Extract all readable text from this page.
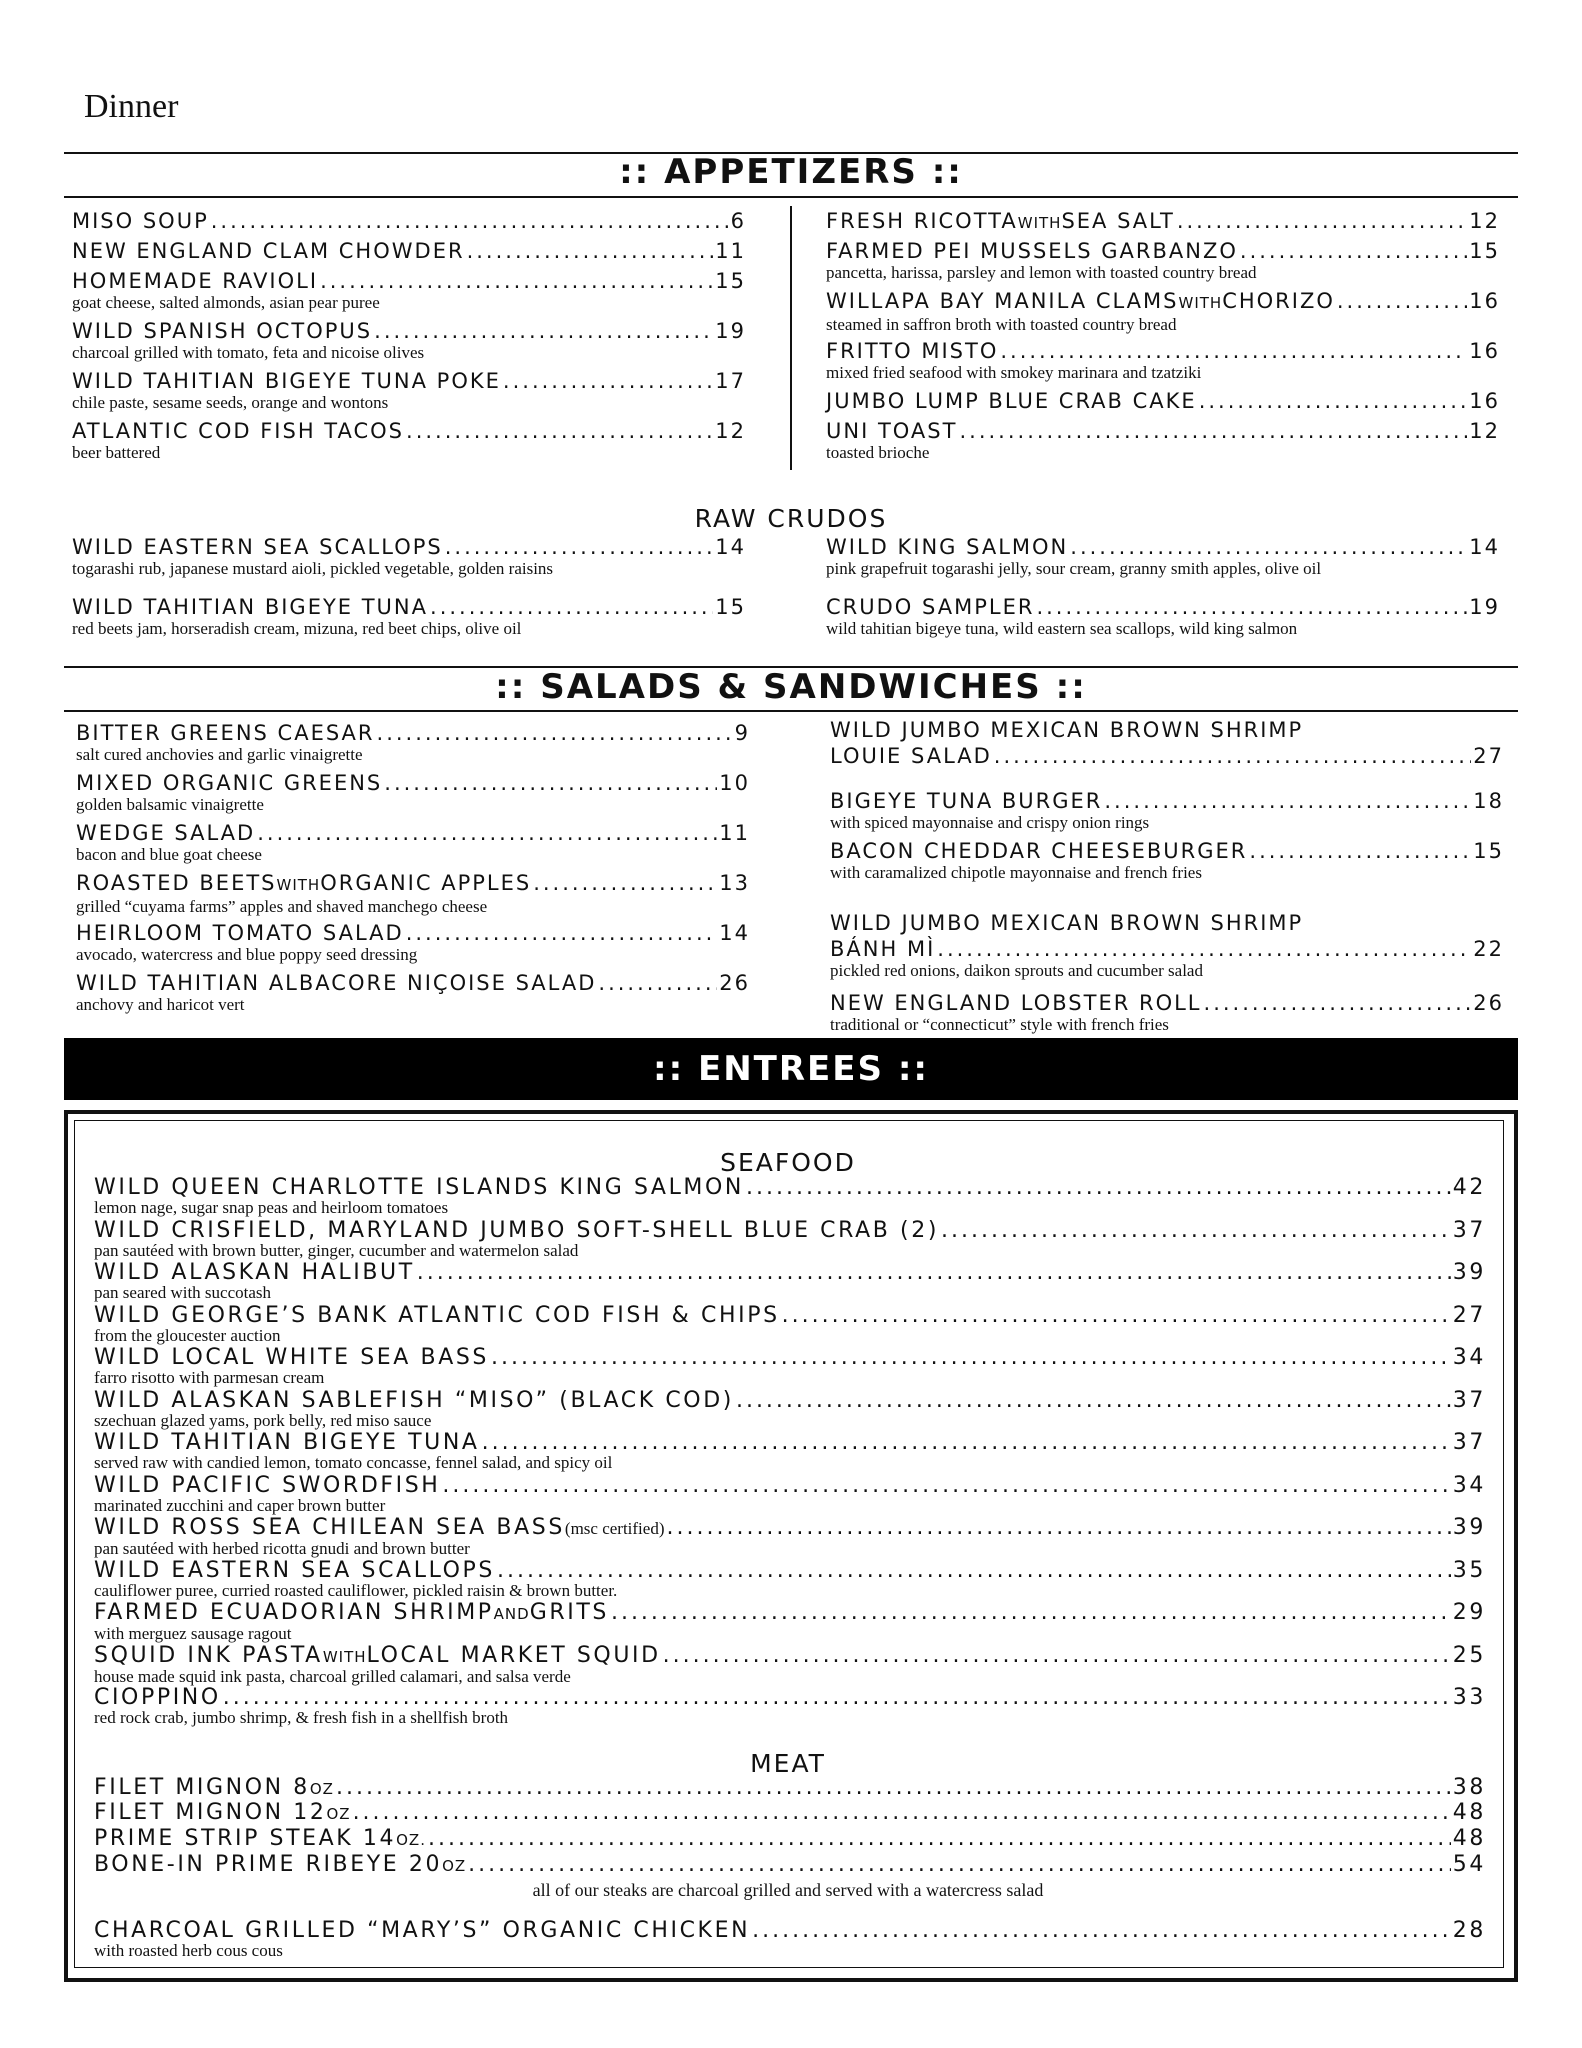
Dinner
:: APPETIZERS ::
MISO SOUP .....	6
NEW ENGLAND CLAM CHOWDER .....	11
HOMEMADE RAVIOLI .....	15
goat cheese, salted almonds, asian pear puree
WILD SPANISH OCTOPUS .....	19
charcoal grilled with tomato, feta and nicoise olives
WILD TAHITIAN BIGEYE TUNA POKE .....	17
chile paste, sesame seeds, orange and wontons
ATLANTIC COD FISH TACOS .....	12
beer battered
FRESH RICOTTA WITH SEA SALT .....	12
FARMED PEI MUSSELS GARBANZO .....	15
pancetta, harissa, parsley and lemon with toasted country bread
WILLAPA BAY MANILA CLAMS WITH CHORIZO .....	16
steamed in saffron broth with toasted country bread
FRITTO MISTO .....	16
mixed fried seafood with smokey marinara and tzatziki
JUMBO LUMP BLUE CRAB CAKE .....	16
UNI TOAST .....	12
toasted brioche
RAW CRUDOS
WILD EASTERN SEA SCALLOPS .....	14
togarashi rub, japanese mustard aioli, pickled vegetable, golden raisins
WILD TAHITIAN BIGEYE TUNA .....	15
red beets jam, horseradish cream, mizuna, red beet chips, olive oil
WILD KING SALMON .....	14
pink grapefruit togarashi jelly, sour cream, granny smith apples, olive oil
CRUDO SAMPLER .....	19
wild tahitian bigeye tuna, wild eastern sea scallops, wild king salmon
:: SALADS & SANDWICHES ::
BITTER GREENS CAESAR .....	9
salt cured anchovies and garlic vinaigrette
MIXED ORGANIC GREENS .....	10
golden balsamic vinaigrette
WEDGE SALAD .....	11
bacon and blue goat cheese
ROASTED BEETS WITH ORGANIC APPLES .....	13
grilled “cuyama farms” apples and shaved manchego cheese
HEIRLOOM TOMATO SALAD .....	14
avocado, watercress and blue poppy seed dressing
WILD TAHITIAN ALBACORE NIÇOISE SALAD .....	26
anchovy and haricot vert
WILD JUMBO MEXICAN BROWN SHRIMP
LOUIE SALAD .....	27
BIGEYE TUNA BURGER .....	18
with spiced mayonnaise and crispy onion rings
BACON CHEDDAR CHEESEBURGER .....	15
with caramalized chipotle mayonnaise and french fries
WILD JUMBO MEXICAN BROWN SHRIMP
BÁNH MÌ .....	22
pickled red onions, daikon sprouts and cucumber salad
NEW ENGLAND LOBSTER ROLL .....	26
traditional or “connecticut” style with french fries
:: ENTREES ::
SEAFOOD
WILD QUEEN CHARLOTTE ISLANDS KING SALMON .....	42
lemon nage, sugar snap peas and heirloom tomatoes
WILD CRISFIELD, MARYLAND JUMBO SOFT-SHELL BLUE CRAB (2) .....	37
pan sautéed with brown butter, ginger, cucumber and watermelon salad
WILD ALASKAN HALIBUT .....	39
pan seared with succotash
WILD GEORGE’S BANK ATLANTIC COD FISH & CHIPS .....	27
from the gloucester auction
WILD LOCAL WHITE SEA BASS .....	34
farro risotto with parmesan cream
WILD ALASKAN SABLEFISH “MISO” (BLACK COD) .....	37
szechuan glazed yams, pork belly, red miso sauce
WILD TAHITIAN BIGEYE TUNA .....	37
served raw with candied lemon, tomato concasse, fennel salad, and spicy oil
WILD PACIFIC SWORDFISH .....	34
marinated zucchini and caper brown butter
WILD ROSS SEA CHILEAN SEA BASS (msc certified) .....	39
pan sautéed with herbed ricotta gnudi and brown butter
WILD EASTERN SEA SCALLOPS .....	35
cauliflower puree, curried roasted cauliflower, pickled raisin & brown butter.
FARMED ECUADORIAN SHRIMP AND GRITS .....	29
with merguez sausage ragout
SQUID INK PASTA WITH LOCAL MARKET SQUID .....	25
house made squid ink pasta, charcoal grilled calamari, and salsa verde
CIOPPINO .....	33
red rock crab, jumbo shrimp, & fresh fish in a shellfish broth
MEAT
FILET MIGNON 8 OZ .....	38
FILET MIGNON 12 OZ .....	48
PRIME STRIP STEAK 14 OZ. .....	48
BONE-IN PRIME RIBEYE 20 OZ .....	54
all of our steaks are charcoal grilled and served with a watercress salad
CHARCOAL GRILLED “MARY’S” ORGANIC CHICKEN .....	28
with roasted herb cous cous
